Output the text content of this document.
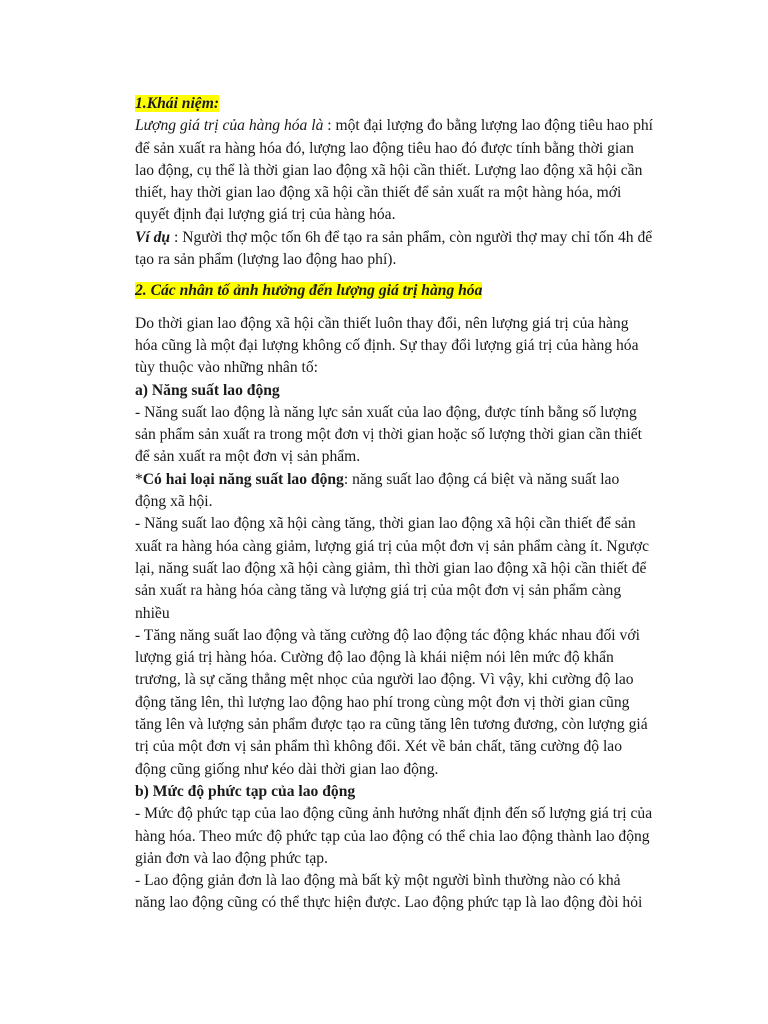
1.Khái niệm:
Lượng giá trị của hàng hóa là : một đại lượng đo bằng lượng lao động tiêu hao phí
để sản xuất ra hàng hóa đó, lượng lao động tiêu hao đó được tính bằng thời gian
lao động, cụ thể là thời gian lao động xã hội cần thiết. Lượng lao động xã hội cần
thiết, hay thời gian lao động xã hội cần thiết để sản xuất ra một hàng hóa, mới
quyết định đại lượng giá trị của hàng hóa.
Ví dụ : Người thợ mộc tốn 6h để tạo ra sản phẩm, còn người thợ may chỉ tốn 4h để
tạo ra sản phẩm (lượng lao động hao phí).
2. Các nhân tố ảnh hưởng đến lượng giá trị hàng hóa
Do thời gian lao động xã hội cần thiết luôn thay đổi, nên lượng giá trị của hàng
hóa cũng là một đại lượng không cố định. Sự thay đổi lượng giá trị của hàng hóa
tùy thuộc vào những nhân tố:
a) Năng suất lao động
- Năng suất lao động là năng lực sản xuất của lao động, được tính bằng số lượng
sản phẩm sản xuất ra trong một đơn vị thời gian hoặc số lượng thời gian cần thiết
để sản xuất ra một đơn vị sản phẩm.
*Có hai loại năng suất lao động: năng suất lao động cá biệt và năng suất lao
động xã hội.
- Năng suất lao động xã hội càng tăng, thời gian lao động xã hội cần thiết để sản
xuất ra hàng hóa càng giảm, lượng giá trị của một đơn vị sản phẩm càng ít. Ngược
lại, năng suất lao động xã hội càng giảm, thì thời gian lao động xã hội cần thiết để
sản xuất ra hàng hóa càng tăng và lượng giá trị của một đơn vị sản phẩm càng
nhiều
- Tăng năng suất lao động và tăng cường độ lao động tác động khác nhau đối với
lượng giá trị hàng hóa. Cường độ lao động là khái niệm nói lên mức độ khẩn
trương, là sự căng thẳng mệt nhọc của người lao động. Vì vậy, khi cường độ lao
động tăng lên, thì lượng lao động hao phí trong cùng một đơn vị thời gian cũng
tăng lên và lượng sản phẩm được tạo ra cũng tăng lên tương đương, còn lượng giá
trị của một đơn vị sản phẩm thì không đổi. Xét về bản chất, tăng cường độ lao
động cũng giống như kéo dài thời gian lao động.
b) Mức độ phức tạp của lao động
- Mức độ phức tạp của lao động cũng ảnh hưởng nhất định đến số lượng giá trị của
hàng hóa. Theo mức độ phức tạp của lao động có thể chia lao động thành lao động
giản đơn và lao động phức tạp.
- Lao động giản đơn là lao động mà bất kỳ một người bình thường nào có khả
năng lao động cũng có thể thực hiện được. Lao động phức tạp là lao động đòi hỏi
